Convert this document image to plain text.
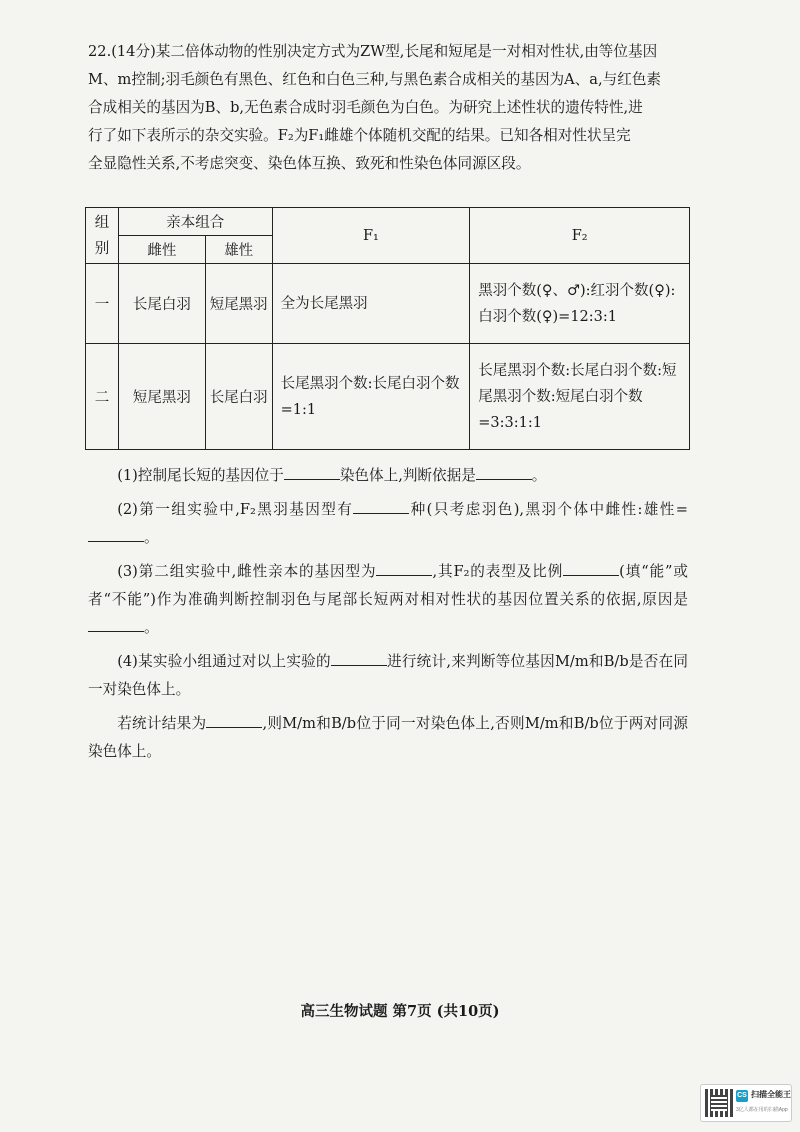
22.(14分)某二倍体动物的性别决定方式为ZW型,长尾和短尾是一对相对性状,由等位基因

M、m控制;羽毛颜色有黑色、红色和白色三种,与黑色素合成相关的基因为A、a,与红色素

合成相关的基因为B、b,无色素合成时羽毛颜色为白色。为研究上述性状的遗传特性,进

行了如下表所示的杂交实验。F₂为F₁雌雄个体随机交配的结果。已知各相对性状呈完

全显隐性关系,不考虑突变、染色体互换、致死和性染色体同源区段。

组别	亲本组合		F₁	F₂
	雌性	雄性		
一	长尾白羽	短尾黑羽	全为长尾黑羽	黑羽个数(♀、♂):红羽个数(♀):白羽个数(♀)=12:3:1
二	短尾黑羽	长尾白羽	长尾黑羽个数:长尾白羽个数=1:1	长尾黑羽个数:长尾白羽个数:短尾黑羽个数:短尾白羽个数=3:3:1:1

(1)控制尾长短的基因位于	染色体上,判断依据是	。

(2)第一组实验中,F₂黑羽基因型有	种(只考虑羽色),黑羽个体中雌性:雄性=。

(3)第二组实验中,雌性亲本的基因型为	,其F₂的表型及比例	(填“能”或者“不能”)作为准确判断控制羽色与尾部长短两对相对性状的基因位置关系的依据,原因是。

(4)某实验小组通过对以上实验的	进行统计,来判断等位基因M/m和B/b是否在同一对染色体上。

若统计结果为	,则M/m和B/b位于同一对染色体上,否则M/m和B/b位于两对同源染色体上。

高三生物试题 第7页 (共10页)
CS 扫描全能王
3亿人都在用的扫描App
